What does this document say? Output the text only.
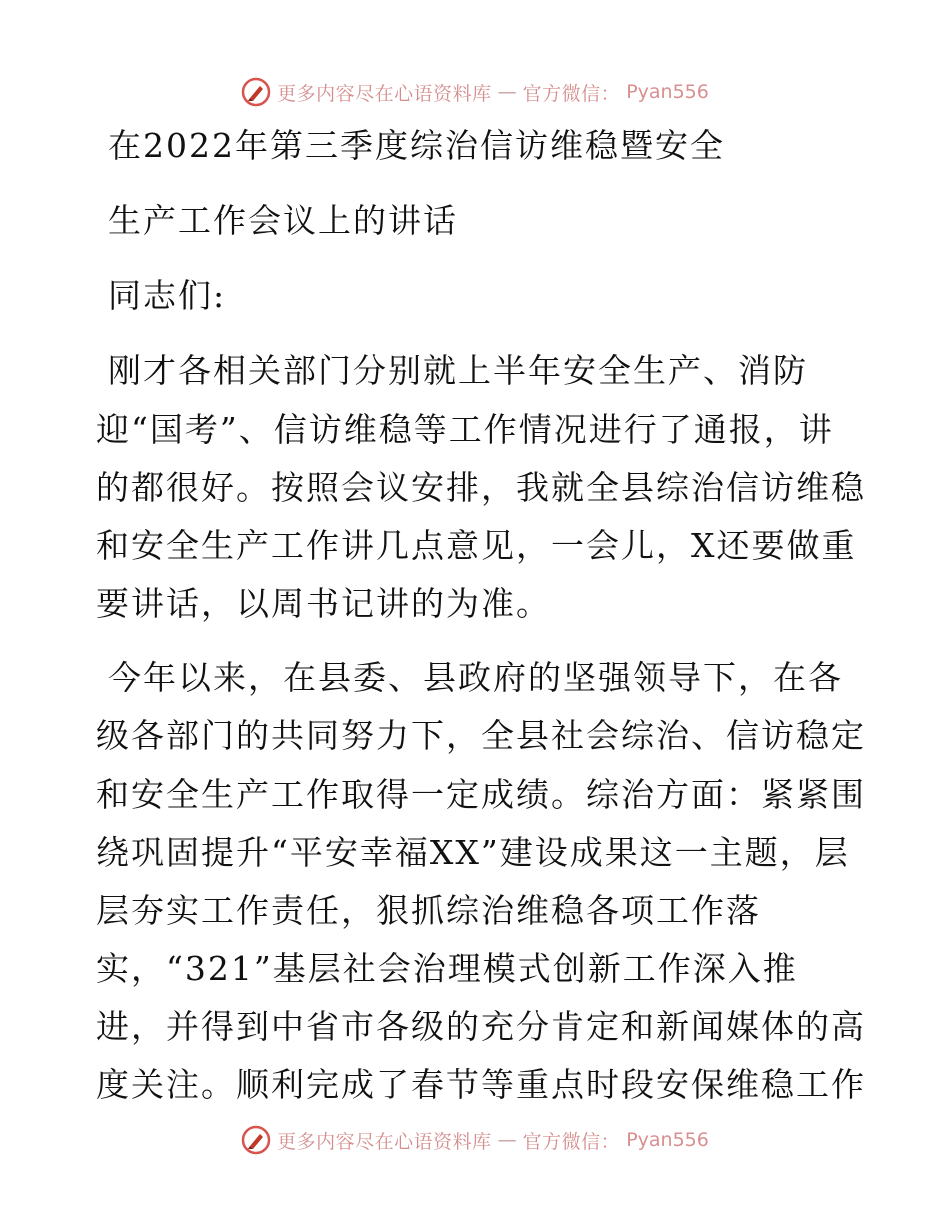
更多内容尽在心语资料库 — 官方微信： Pyan556
在2022年第三季度综治信访维稳暨安全
生产工作会议上的讲话
同志们:
刚才各相关部门分别就上半年安全生产、消防
迎“国考”、信访维稳等工作情况进行了通报，讲
的都很好。按照会议安排，我就全县综治信访维稳
和安全生产工作讲几点意见，一会儿，X还要做重
要讲话，以周书记讲的为准。
今年以来，在县委、县政府的坚强领导下，在各
级各部门的共同努力下，全县社会综治、信访稳定
和安全生产工作取得一定成绩。综治方面：紧紧围
绕巩固提升“平安幸福XX”建设成果这一主题，层
层夯实工作责任，狠抓综治维稳各项工作落
实，“321”基层社会治理模式创新工作深入推
进，并得到中省市各级的充分肯定和新闻媒体的高
度关注。顺利完成了春节等重点时段安保维稳工作
更多内容尽在心语资料库 — 官方微信： Pyan556
